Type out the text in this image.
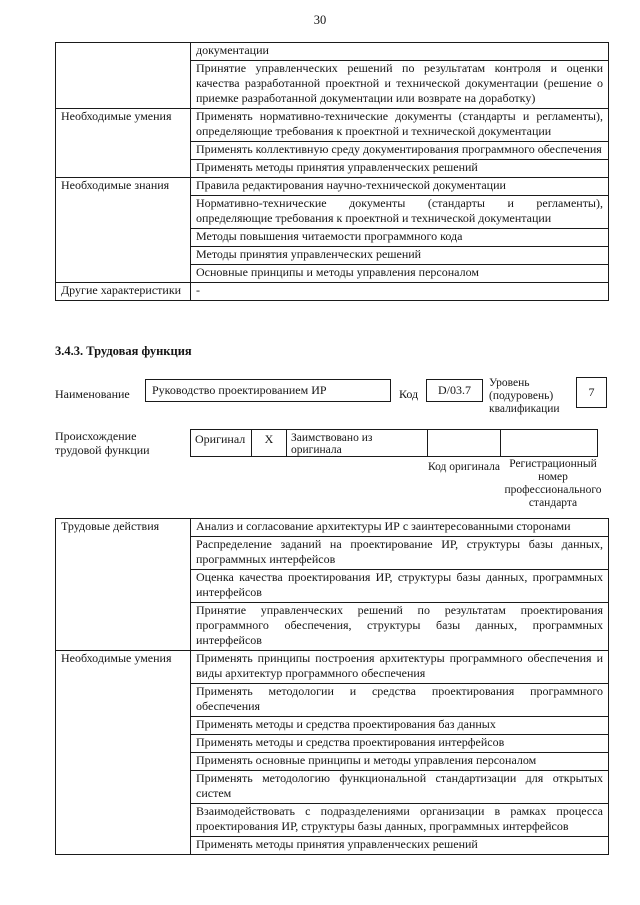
30
	документации
	Принятие управленческих решений по результатам контроля и оценки качества разработанной проектной и технической документации (решение о приемке разработанной документации или возврате на доработку)
Необходимые умения	Применять нормативно-технические документы (стандарты и регламенты), определяющие требования к проектной и технической документации
	Применять коллективную среду документирования программного обеспечения
	Применять методы принятия управленческих решений
Необходимые знания	Правила редактирования научно-технической документации
	Нормативно-технические документы (стандарты и регламенты), определяющие требования к проектной и технической документации
	Методы повышения читаемости программного кода
	Методы принятия управленческих решений
	Основные принципы и методы управления персоналом
Другие характеристики	-
3.4.3. Трудовая функция
Наименование	Руководство проектированием ИР	Код	D/03.7	Уровень (подуровень) квалификации
7
Происхождение трудовой функции
Оригинал	X	Заимствовано из оригинала
Код оригинала Регистрационный номер профессионального стандарта
Трудовые действия	Анализ и согласование архитектуры ИР с заинтересованными сторонами
	Распределение заданий на проектирование ИР, структуры базы данных, программных интерфейсов
	Оценка качества проектирования ИР, структуры базы данных, программных интерфейсов
	Принятие управленческих решений по результатам проектирования программного обеспечения, структуры базы данных, программных интерфейсов
Необходимые умения	Применять принципы построения архитектуры программного обеспечения и виды архитектур программного обеспечения
	Применять методологии и средства проектирования программного обеспечения
	Применять методы и средства проектирования баз данных
	Применять методы и средства проектирования интерфейсов
	Применять основные принципы и методы управления персоналом
	Применять методологию функциональной стандартизации для открытых систем
	Взаимодействовать с подразделениями организации в рамках процесса проектирования ИР, структуры базы данных, программных интерфейсов
	Применять методы принятия управленческих решений
